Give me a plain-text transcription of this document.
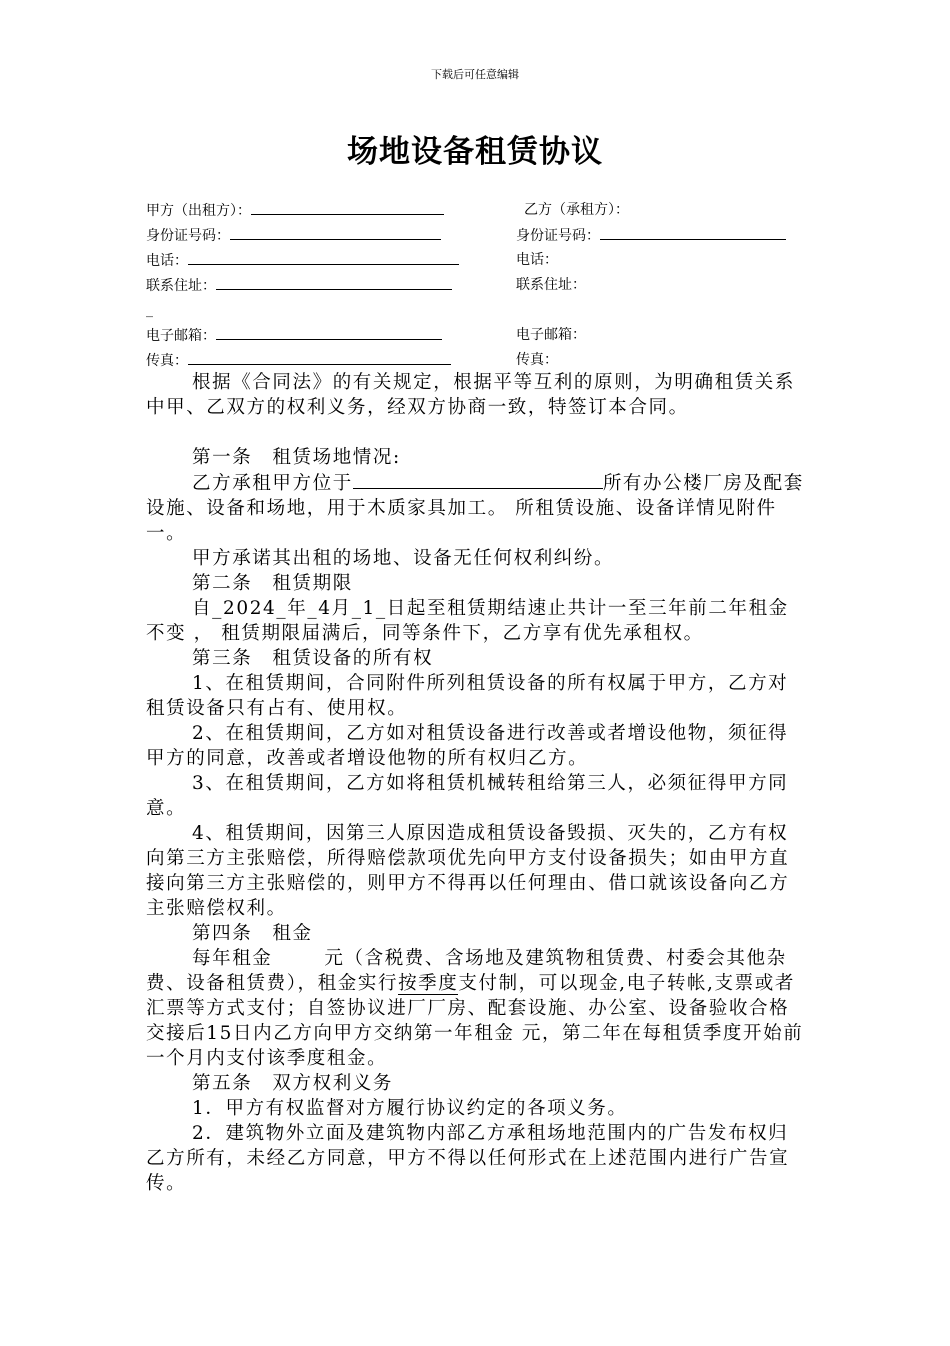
下载后可任意编辑
场地设备租赁协议
甲方（出租方）：
身份证号码：
电话：
联系住址：
_
电子邮箱：
传真：
乙方（承租方）：
身份证号码：
电话：
联系住址：
电子邮箱：
传真：

根据《合同法》的有关规定，根据平等互利的原则，为明确租赁关系中甲、乙双方的权利义务，经双方协商一致，特签订本合同。

第一条　租赁场地情况:

乙方承租甲方位于	所有办公楼厂房及配套设施、设备和场地，用于木质家具加工。 所租赁设施、设备详情见附件一。

甲方承诺其出租的场地、设备无任何权利纠纷。

第二条　租赁期限

自_2024_年_4月_1_日起至租赁期结速止共计一至三年前二年租金不变 ， 租赁期限届满后，同等条件下，乙方享有优先承租权。

第三条　租赁设备的所有权

1、在租赁期间，合同附件所列租赁设备的所有权属于甲方，乙方对租赁设备只有占有、使用权。

2、在租赁期间，乙方如对租赁设备进行改善或者增设他物，须征得甲方的同意，改善或者增设他物的所有权归乙方。

3、在租赁期间，乙方如将租赁机械转租给第三人，必须征得甲方同意。

4、租赁期间，因第三人原因造成租赁设备毁损、灭失的，乙方有权向第三方主张赔偿，所得赔偿款项优先向甲方支付设备损失；如由甲方直接向第三方主张赔偿的，则甲方不得再以任何理由、借口就该设备向乙方主张赔偿权利。

第四条　租金

每年租金	元（含税费、含场地及建筑物租赁费、村委会其他杂费、设备租赁费），租金实行按季度支付制，可以现金,电子转帐,支票或者汇票等方式支付；自签协议进厂厂房、配套设施、办公室、设备验收合格交接后15日内乙方向甲方交纳第一年租金 元，第二年在每租赁季度开始前一个月内支付该季度租金。

第五条　双方权利义务

1．甲方有权监督对方履行协议约定的各项义务。

2．建筑物外立面及建筑物内部乙方承租场地范围内的广告发布权归乙方所有，未经乙方同意，甲方不得以任何形式在上述范围内进行广告宣传。
